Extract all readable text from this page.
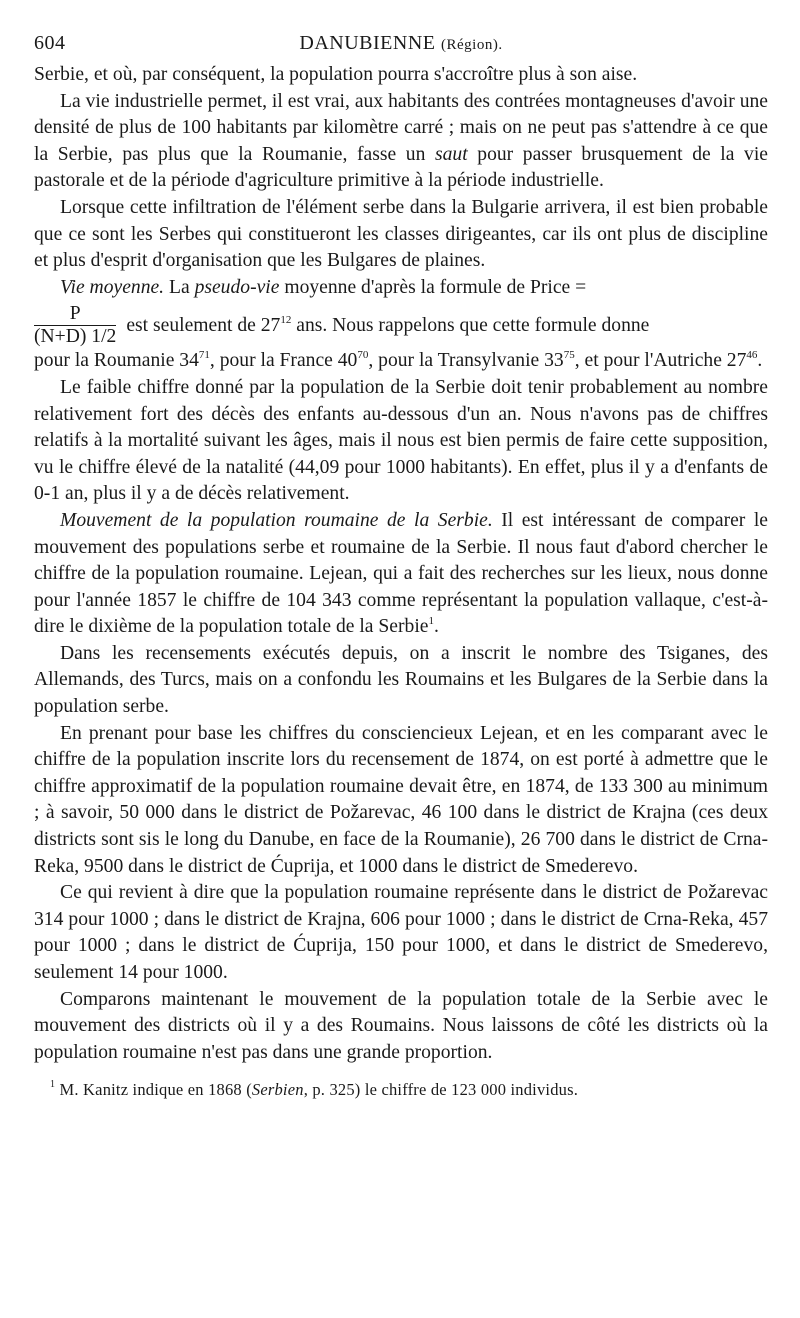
604	DANUBIENNE (Région).

Serbie, et où, par conséquent, la population pourra s'accroître plus à son aise.

La vie industrielle permet, il est vrai, aux habitants des contrées montagneuses d'avoir une densité de plus de 100 habitants par kilomètre carré ; mais on ne peut pas s'attendre à ce que la Serbie, pas plus que la Roumanie, fasse un saut pour passer brusquement de la vie pastorale et de la période d'agriculture primitive à la période industrielle.

Lorsque cette infiltration de l'élément serbe dans la Bulgarie arrivera, il est bien probable que ce sont les Serbes qui constitueront les classes dirigeantes, car ils ont plus de discipline et plus d'esprit d'organisation que les Bulgares de plaines.

Vie moyenne. La pseudo-vie moyenne d'après la formule de Price =

$\frac{P}{(N+D) 1/2}$ est seulement de $27^{12}$ ans. Nous rappelons que cette formule donne

pour la Roumanie $34^{71}$, pour la France $40^{70}$, pour la Transylvanie $33^{75}$, et pour l'Autriche $27^{46}$.

Le faible chiffre donné par la population de la Serbie doit tenir probablement au nombre relativement fort des décès des enfants au-dessous d'un an. Nous n'avons pas de chiffres relatifs à la mortalité suivant les âges, mais il nous est bien permis de faire cette supposition, vu le chiffre élevé de la natalité (44,09 pour 1000 habitants). En effet, plus il y a d'enfants de 0-1 an, plus il y a de décès relativement.

Mouvement de la population roumaine de la Serbie. Il est intéressant de comparer le mouvement des populations serbe et roumaine de la Serbie. Il nous faut d'abord chercher le chiffre de la population roumaine. Lejean, qui a fait des recherches sur les lieux, nous donne pour l'année 1857 le chiffre de 104 343 comme représentant la population vallaque, c'est-à-dire le dixième de la population totale de la Serbie$^1$.

Dans les recensements exécutés depuis, on a inscrit le nombre des Tsiganes, des Allemands, des Turcs, mais on a confondu les Roumains et les Bulgares de la Serbie dans la population serbe.

En prenant pour base les chiffres du consciencieux Lejean, et en les comparant avec le chiffre de la population inscrite lors du recensement de 1874, on est porté à admettre que le chiffre approximatif de la population roumaine devait être, en 1874, de 133 300 au minimum ; à savoir, 50 000 dans le district de Požarevac, 46 100 dans le district de Krajna (ces deux districts sont sis le long du Danube, en face de la Roumanie), 26 700 dans le district de Crna-Reka, 9500 dans le district de Ćuprija, et 1000 dans le district de Smederevo.

Ce qui revient à dire que la population roumaine représente dans le district de Požarevac 314 pour 1000 ; dans le district de Krajna, 606 pour 1000 ; dans le district de Crna-Reka, 457 pour 1000 ; dans le district de Ćuprija, 150 pour 1000, et dans le district de Smederevo, seulement 14 pour 1000.

Comparons maintenant le mouvement de la population totale de la Serbie avec le mouvement des districts où il y a des Roumains. Nous laissons de côté les districts où la population roumaine n'est pas dans une grande proportion.

$^1$ M. Kanitz indique en 1868 (Serbien, p. 325) le chiffre de 123 000 individus.
